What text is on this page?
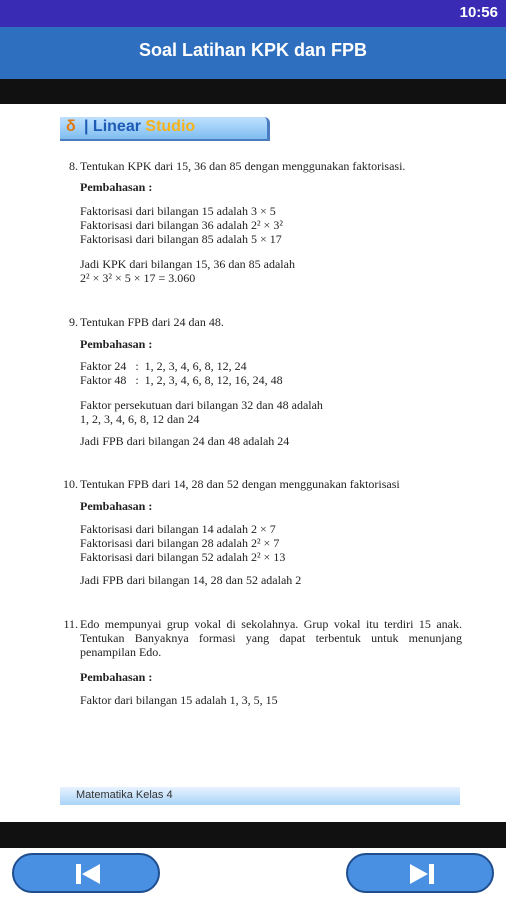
10:56
Soal Latihan KPK dan FPB
δ | Linear Studio
8. Tentukan KPK dari 15, 36 dan 85 dengan menggunakan faktorisasi.
Pembahasan :
Faktorisasi dari bilangan 15 adalah 3 × 5
Faktorisasi dari bilangan 36 adalah 2² × 3²
Faktorisasi dari bilangan 85 adalah 5 × 17
Jadi KPK dari bilangan 15, 36 dan 85 adalah
2² × 3² × 5 × 17 = 3.060
9. Tentukan FPB dari 24 dan 48.
Pembahasan :
Faktor 24   :  1, 2, 3, 4, 6, 8, 12, 24
Faktor 48   :  1, 2, 3, 4, 6, 8, 12, 16, 24, 48
Faktor persekutuan dari bilangan 32 dan 48 adalah
1, 2, 3, 4, 6, 8, 12 dan 24
Jadi FPB dari bilangan 24 dan 48 adalah 24
10. Tentukan FPB dari 14, 28 dan 52 dengan menggunakan faktorisasi
Pembahasan :
Faktorisasi dari bilangan 14 adalah 2 × 7
Faktorisasi dari bilangan 28 adalah 2² × 7
Faktorisasi dari bilangan 52 adalah 2² × 13
Jadi FPB dari bilangan 14, 28 dan 52 adalah 2
11. Edo mempunyai grup vokal di sekolahnya. Grup vokal itu terdiri 15 anak. Tentukan Banyaknya formasi yang dapat terbentuk untuk menunjang penampilan Edo.
Pembahasan :
Faktor dari bilangan 15 adalah 1, 3, 5, 15
Matematika Kelas 4
